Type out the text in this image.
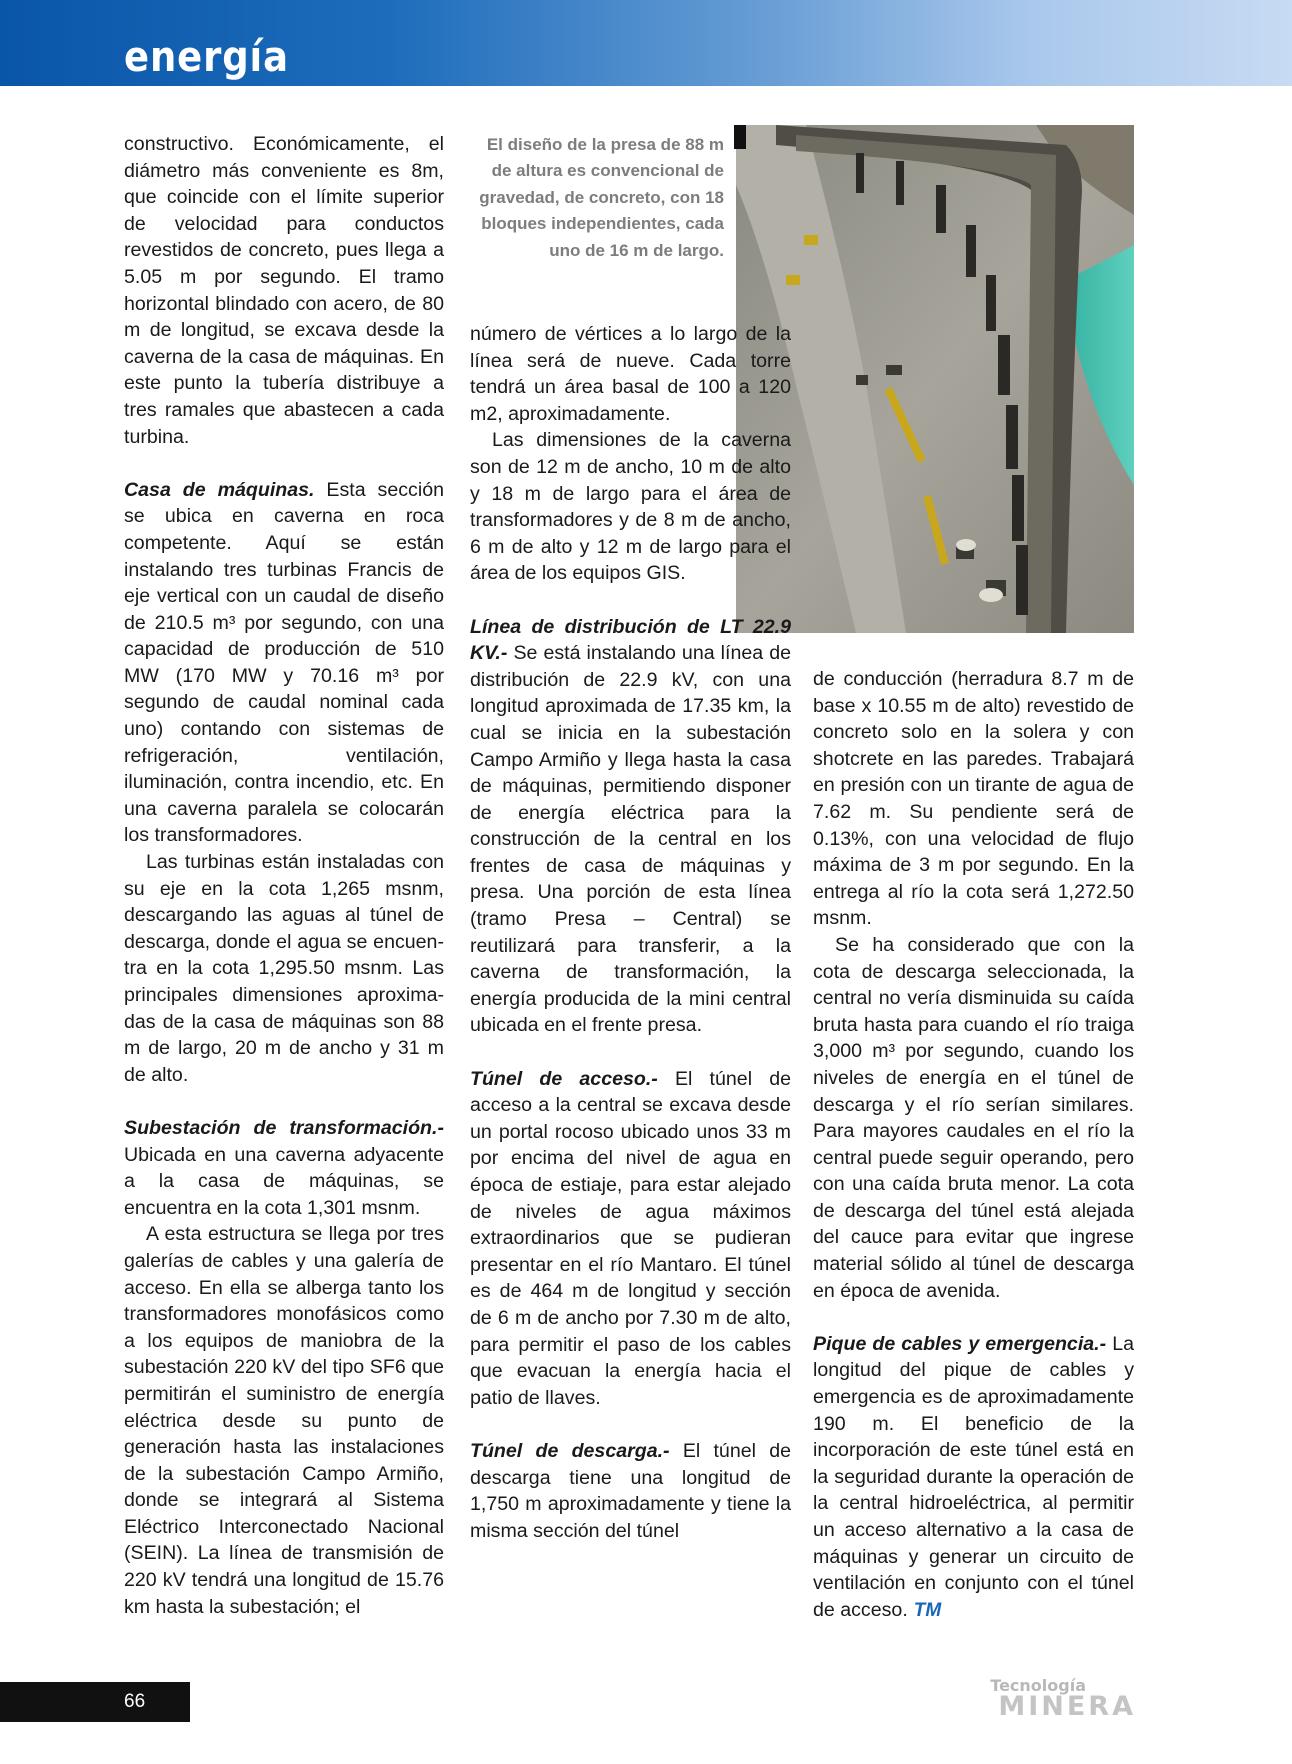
energía

constructivo. Económicamente, el diámetro más conveniente es 8m, que coincide con el límite superior de velocidad para conductos revestidos de concreto, pues llega a 5.05 m por segundo. El tramo horizontal blindado con acero, de 80 m de longitud, se excava desde la caverna de la casa de máquinas. En este punto la tubería distribuye a tres ramales que abastecen a cada turbina.

Casa de máquinas. Esta sección se ubica en caverna en roca competente. Aquí se están instalando tres turbinas Francis de eje vertical con un caudal de diseño de 210.5 m³ por segundo, con una capacidad de producción de 510 MW (170 MW y 70.16 m³ por segundo de caudal nominal cada uno) contando con sistemas de refrigeración, ventilación, iluminación, contra incendio, etc. En una caverna paralela se colocarán los transformadores.

Las turbinas están instaladas con su eje en la cota 1,265 msnm, descargando las aguas al túnel de descarga, donde el agua se encuentra en la cota 1,295.50 msnm. Las principales dimensiones aproximadas de la casa de máquinas son 88 m de largo, 20 m de ancho y 31 m de alto.

Subestación de transformación.- Ubicada en una caverna adyacente a la casa de máquinas, se encuentra en la cota 1,301 msnm.

A esta estructura se llega por tres galerías de cables y una galería de acceso. En ella se alberga tanto los transformadores monofásicos como a los equipos de maniobra de la subestación 220 kV del tipo SF6 que permitirán el suministro de energía eléctrica desde su punto de generación hasta las instalaciones de la subestación Campo Armiño, donde se integrará al Sistema Eléctrico Interconectado Nacional (SEIN). La línea de transmisión de 220 kV tendrá una longitud de 15.76 km hasta la subestación; el

El diseño de la presa de 88 m de altura es convencional de gravedad, de concreto, con 18 bloques independientes, cada uno de 16 m de largo.

número de vértices a lo largo de la línea será de nueve. Cada torre tendrá un área basal de 100 a 120 m2, aproximadamente.

Las dimensiones de la caverna son de 12 m de ancho, 10 m de alto y 18 m de largo para el área de transformadores y de 8 m de ancho, 6 m de alto y 12 m de largo para el área de los equipos GIS.

Línea de distribución de LT 22.9 KV.- Se está instalando una línea de distribución de 22.9 kV, con una longitud aproximada de 17.35 km, la cual se inicia en la subestación Campo Armiño y llega hasta la casa de máquinas, permitiendo disponer de energía eléctrica para la construcción de la central en los frentes de casa de máquinas y presa. Una porción de esta línea (tramo Presa – Central) se reutilizará para transferir, a la caverna de transformación, la energía producida de la mini central ubicada en el frente presa.

Túnel de acceso.- El túnel de acceso a la central se excava desde un portal rocoso ubicado unos 33 m por encima del nivel de agua en época de estiaje, para estar alejado de niveles de agua máximos extraordinarios que se pudieran presentar en el río Mantaro. El túnel es de 464 m de longitud y sección de 6 m de ancho por 7.30 m de alto, para permitir el paso de los cables que evacuan la energía hacia el patio de llaves.

Túnel de descarga.- El túnel de descarga tiene una longitud de 1,750 m aproximadamente y tiene la misma sección del túnel

de conducción (herradura 8.7 m de base x 10.55 m de alto) revestido de concreto solo en la solera y con shotcrete en las paredes. Trabajará en presión con un tirante de agua de 7.62 m. Su pendiente será de 0.13%, con una velocidad de flujo máxima de 3 m por segundo. En la entrega al río la cota será 1,272.50 msnm.

Se ha considerado que con la cota de descarga seleccionada, la central no vería disminuida su caída bruta hasta para cuando el río traiga 3,000 m³ por segundo, cuando los niveles de energía en el túnel de descarga y el río serían similares. Para mayores caudales en el río la central puede seguir operando, pero con una caída bruta menor. La cota de descarga del túnel está alejada del cauce para evitar que ingrese material sólido al túnel de descarga en época de avenida.

Pique de cables y emergencia.- La longitud del pique de cables y emergencia es de aproximadamente 190 m. El beneficio de la incorporación de este túnel está en la seguridad durante la operación de la central hidroeléctrica, al permitir un acceso alternativo a la casa de máquinas y generar un circuito de ventilación en conjunto con el túnel de acceso. TM

66
Tecnología
MINERA
